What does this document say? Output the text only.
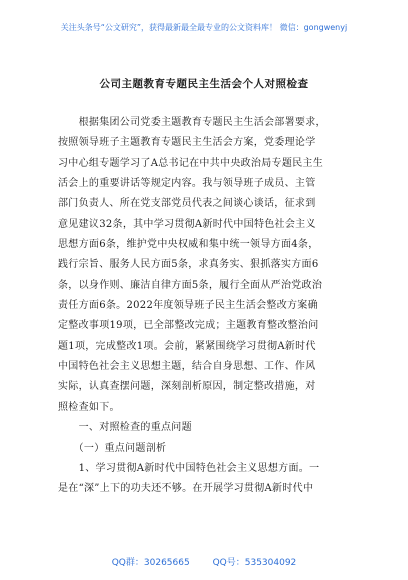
关注头条号“公文研究”，获得最新最全最专业的公文资料库！ 微信：gongwenyj
公司主题教育专题民主生活会个人对照检查
　　根据集团公司党委主题教育专题民主生活会部署要求，
按照领导班子主题教育专题民主生活会方案，党委理论学
习中心组专题学习了A总书记在中共中央政治局专题民主生
活会上的重要讲话等规定内容。我与领导班子成员、主管
部门负责人、所在党支部党员代表之间谈心谈话，征求到
意见建议32条，其中学习贯彻A新时代中国特色社会主义
思想方面6条，维护党中央权威和集中统一领导方面4条，
践行宗旨、服务人民方面5条，求真务实、狠抓落实方面6
条，以身作则、廉洁自律方面5条，履行全面从严治党政治
责任方面6条。2022年度领导班子民主生活会整改方案确
定整改事项19项，已全部整改完成；主题教育整改整治问
题1项，完成整改1项。会前，紧紧围绕学习贯彻A新时代
中国特色社会主义思想主题，结合自身思想、工作、作风
实际，认真查摆问题，深刻剖析原因，制定整改措施，对
照检查如下。
　　一、对照检查的重点问题
　　（一）重点问题剖析
　　1、学习贯彻A新时代中国特色社会主义思想方面。一
是在“深”上下的功夫还不够。在开展学习贯彻A新时代中
QQ群：30265665	QQ号：535304092
